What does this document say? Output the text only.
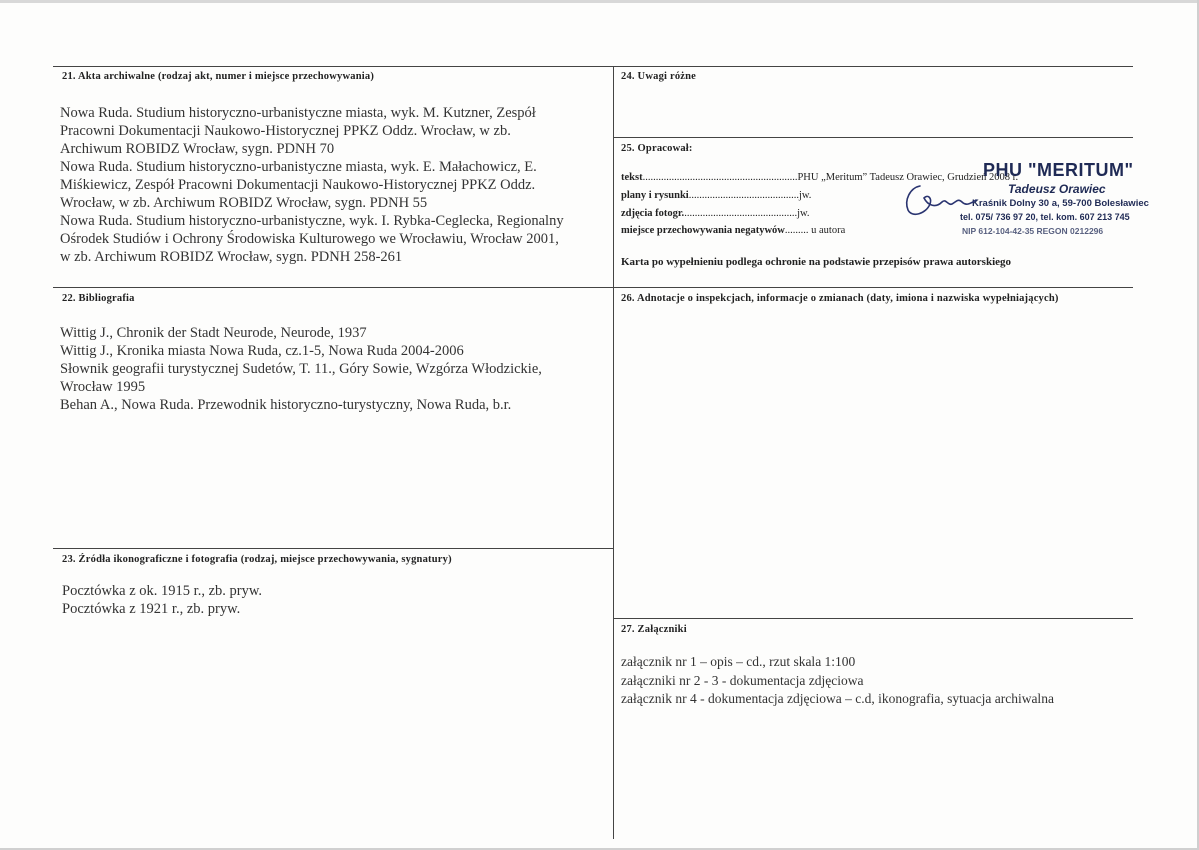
21. Akta archiwalne (rodzaj akt, numer i miejsce przechowywania)
Nowa Ruda. Studium historyczno-urbanistyczne miasta, wyk. M. Kutzner, Zespół
Pracowni Dokumentacji Naukowo-Historycznej PPKZ Oddz. Wrocław, w zb.
Archiwum ROBIDZ Wrocław, sygn. PDNH 70
Nowa Ruda. Studium historyczno-urbanistyczne miasta, wyk. E. Małachowicz, E.
Miśkiewicz, Zespół Pracowni Dokumentacji Naukowo-Historycznej PPKZ Oddz.
Wrocław, w zb. Archiwum ROBIDZ Wrocław, sygn. PDNH 55
Nowa Ruda. Studium historyczno-urbanistyczne, wyk. I. Rybka-Ceglecka, Regionalny
Ośrodek Studiów i Ochrony Środowiska Kulturowego we Wrocławiu, Wrocław 2001,
w zb. Archiwum ROBIDZ Wrocław, sygn. PDNH 258-261
22. Bibliografia
Wittig J., Chronik der Stadt Neurode, Neurode, 1937
Wittig J., Kronika miasta Nowa Ruda, cz.1-5, Nowa Ruda 2004-2006
Słownik geografii turystycznej Sudetów, T. 11., Góry Sowie, Wzgórza Włodzickie,
Wrocław 1995
Behan A., Nowa Ruda. Przewodnik historyczno-turystyczny, Nowa Ruda, b.r.
23. Źródła ikonograficzne i fotografia (rodzaj, miejsce przechowywania, sygnatury)
Pocztówka z ok. 1915 r., zb. pryw.
Pocztówka z 1921 r., zb. pryw.
24. Uwagi różne
25. Opracował:
tekst...........................................................PHU „Meritum” Tadeusz Orawiec, Grudzień 2008 r.
plany i rysunki..........................................jw.
zdjęcia fotogr............................................jw.
miejsce przechowywania negatywów......... u autora
Karta po wypełnieniu podlega ochronie na podstawie przepisów prawa autorskiego
PHU "MERITUM"
Tadeusz Orawiec
Kraśnik Dolny 30 a, 59-700 Bolesławiec
tel. 075/ 736 97 20, tel. kom. 607 213 745
NIP 612-104-42-35 REGON 0212296
26. Adnotacje o inspekcjach, informacje o zmianach (daty, imiona i nazwiska wypełniających)
27. Załączniki
załącznik nr 1 – opis – cd., rzut skala 1:100
załączniki nr 2 - 3 - dokumentacja zdjęciowa
załącznik nr 4 - dokumentacja zdjęciowa – c.d, ikonografia, sytuacja archiwalna
